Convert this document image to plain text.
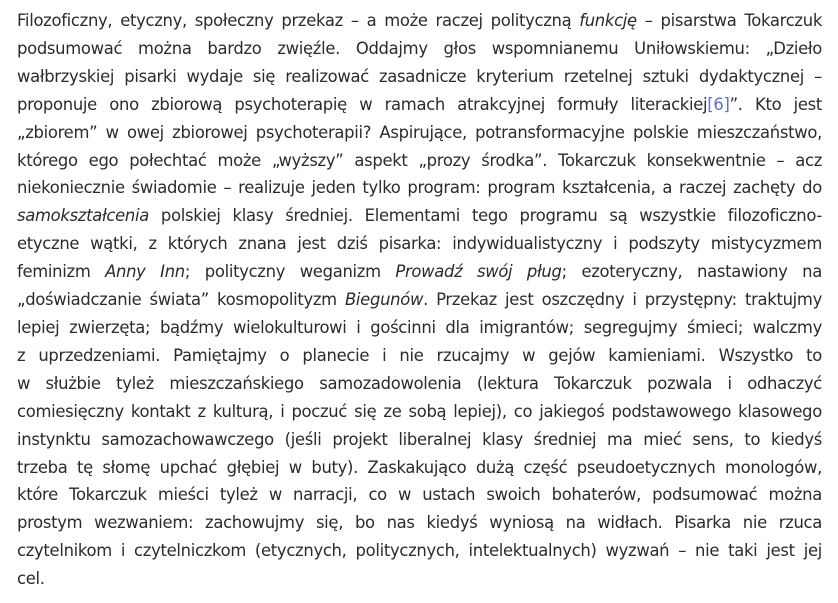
Filozoficzny, etyczny, społeczny przekaz – a może raczej polityczną funkcję – pisarstwa Tokarczuk
podsumować można bardzo zwięźle. Oddajmy głos wspomnianemu Uniłowskiemu: „Dzieło
wałbrzyskiej pisarki wydaje się realizować zasadnicze kryterium rzetelnej sztuki dydaktycznej –
proponuje ono zbiorową psychoterapię w ramach atrakcyjnej formuły literackiej[6]”. Kto jest
„zbiorem” w owej zbiorowej psychoterapii? Aspirujące, potransformacyjne polskie mieszczaństwo,
którego ego połechtać może „wyższy” aspekt „prozy środka”. Tokarczuk konsekwentnie – acz
niekoniecznie świadomie – realizuje jeden tylko program: program kształcenia, a raczej zachęty do
samokształcenia polskiej klasy średniej. Elementami tego programu są wszystkie filozoficzno-
etyczne wątki, z których znana jest dziś pisarka: indywidualistyczny i podszyty mistycyzmem
feminizm Anny Inn; polityczny weganizm Prowadź swój pług; ezoteryczny, nastawiony na
„doświadczanie świata” kosmopolityzm Biegunów. Przekaz jest oszczędny i przystępny: traktujmy
lepiej zwierzęta; bądźmy wielokulturowi i gościnni dla imigrantów; segregujmy śmieci; walczmy
z uprzedzeniami. Pamiętajmy o planecie i nie rzucajmy w gejów kamieniami. Wszystko to
w służbie tyleż mieszczańskiego samozadowolenia (lektura Tokarczuk pozwala i odhaczyć
comiesięczny kontakt z kulturą, i poczuć się ze sobą lepiej), co jakiegoś podstawowego klasowego
instynktu samozachowawczego (jeśli projekt liberalnej klasy średniej ma mieć sens, to kiedyś
trzeba tę słomę upchać głębiej w buty). Zaskakująco dużą część pseudoetycznych monologów,
które Tokarczuk mieści tyleż w narracji, co w ustach swoich bohaterów, podsumować można
prostym wezwaniem: zachowujmy się, bo nas kiedyś wyniosą na widłach. Pisarka nie rzuca
czytelnikom i czytelniczkom (etycznych, politycznych, intelektualnych) wyzwań – nie taki jest jej
cel.
